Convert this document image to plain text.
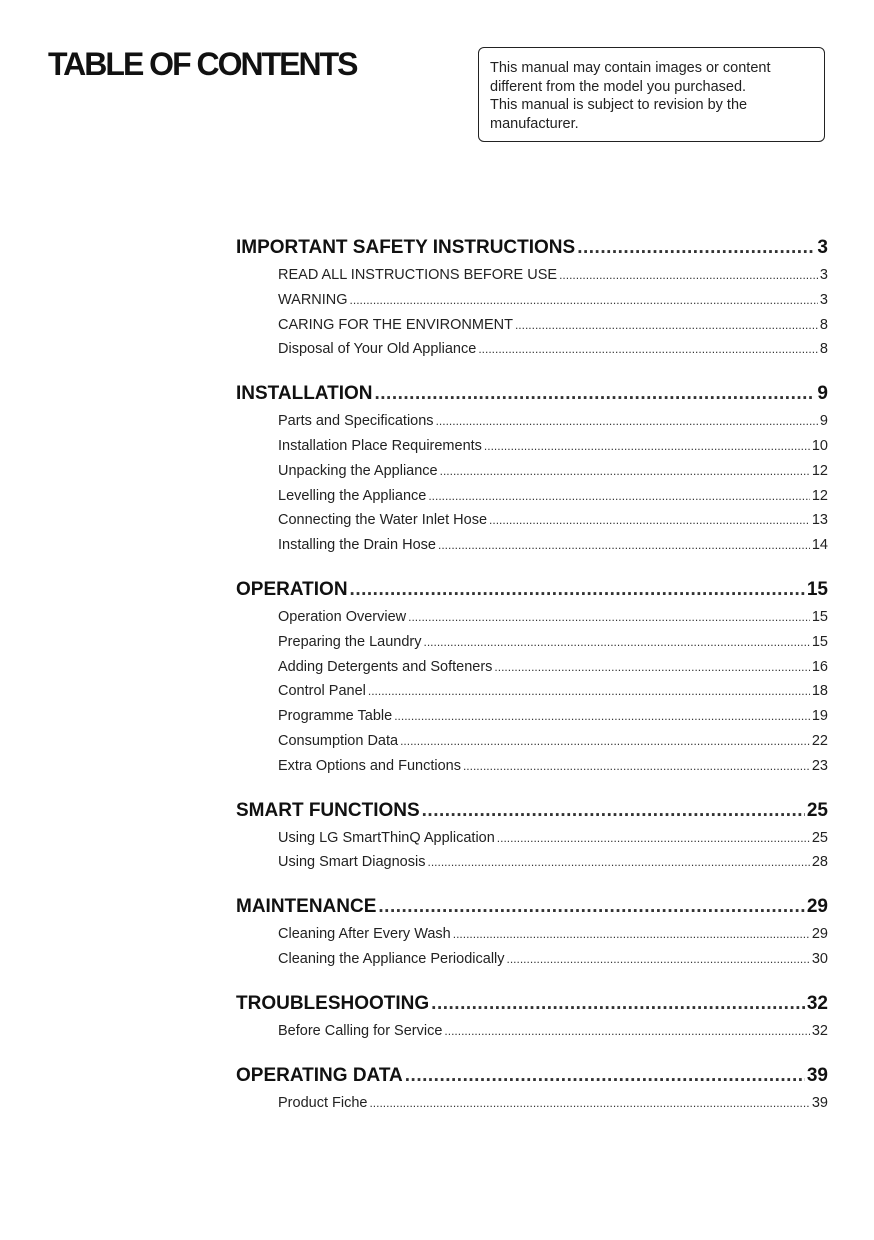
TABLE OF CONTENTS	This manual may contain images or content
different from the model you purchased.
This manual is subject to revision by the
manufacturer.
IMPORTANT SAFETY INSTRUCTIONS .....	3
READ ALL INSTRUCTIONS BEFORE USE .....	3
WARNING .....	3
CARING FOR THE ENVIRONMENT .....	8
Disposal of Your Old Appliance .....	8
INSTALLATION .....	9
Parts and Specifications .....	9
Installation Place Requirements .....	10
Unpacking the Appliance .....	12
Levelling the Appliance .....	12
Connecting the Water Inlet Hose .....	13
Installing the Drain Hose .....	14
OPERATION .....	15
Operation Overview .....	15
Preparing the Laundry .....	15
Adding Detergents and Softeners .....	16
Control Panel .....	18
Programme Table .....	19
Consumption Data .....	22
Extra Options and Functions .....	23
SMART FUNCTIONS .....	25
Using LG SmartThinQ Application .....	25
Using Smart Diagnosis .....	28
MAINTENANCE .....	29
Cleaning After Every Wash .....	29
Cleaning the Appliance Periodically .....	30
TROUBLESHOOTING .....	32
Before Calling for Service .....	32
OPERATING DATA .....	39
Product Fiche .....	39
